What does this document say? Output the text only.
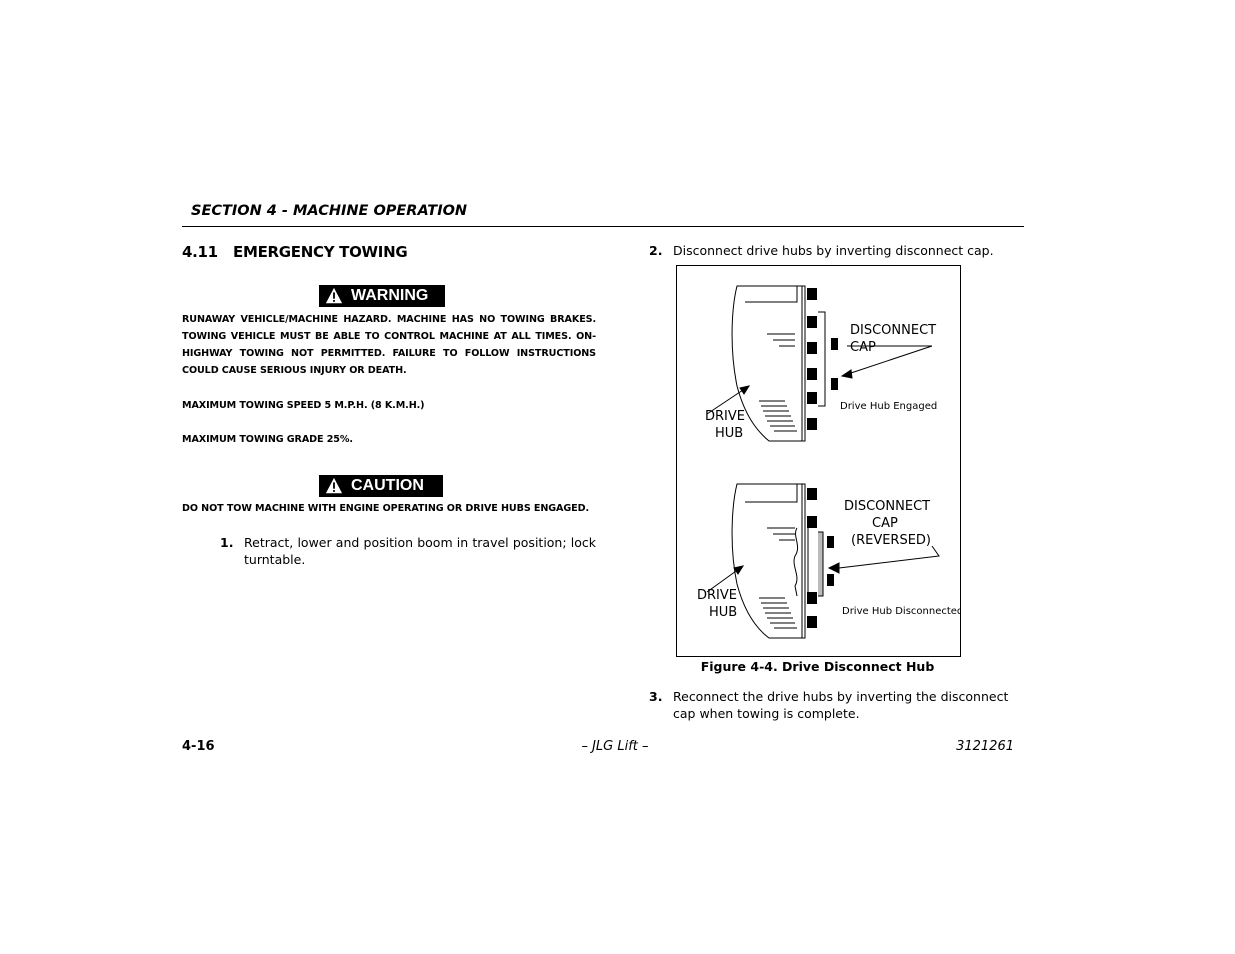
SECTION 4 - MACHINE OPERATION
4.11 EMERGENCY TOWING
WARNING
RUNAWAY VEHICLE/MACHINE HAZARD. MACHINE HAS NO TOWING BRAKES. TOWING VEHICLE MUST BE ABLE TO CONTROL MACHINE AT ALL TIMES. ON-HIGHWAY TOWING NOT PERMITTED. FAILURE TO FOLLOW INSTRUCTIONS COULD CAUSE SERIOUS INJURY OR DEATH.
MAXIMUM TOWING SPEED 5 M.P.H. (8 K.M.H.)
MAXIMUM TOWING GRADE 25%.
CAUTION
DO NOT TOW MACHINE WITH ENGINE OPERATING OR DRIVE HUBS ENGAGED.
1. Retract, lower and position boom in travel position; lock turntable.
2. Disconnect drive hubs by inverting disconnect cap.
DISCONNECT
CAP
DRIVE
HUB
Drive Hub Engaged
DISCONNECT
CAP
(REVERSED)
DRIVE
HUB	Drive Hub Disconnected
Figure 4-4. Drive Disconnect Hub
3. Reconnect the drive hubs by inverting the disconnect cap when towing is complete.
4-16	– JLG Lift –	3121261
